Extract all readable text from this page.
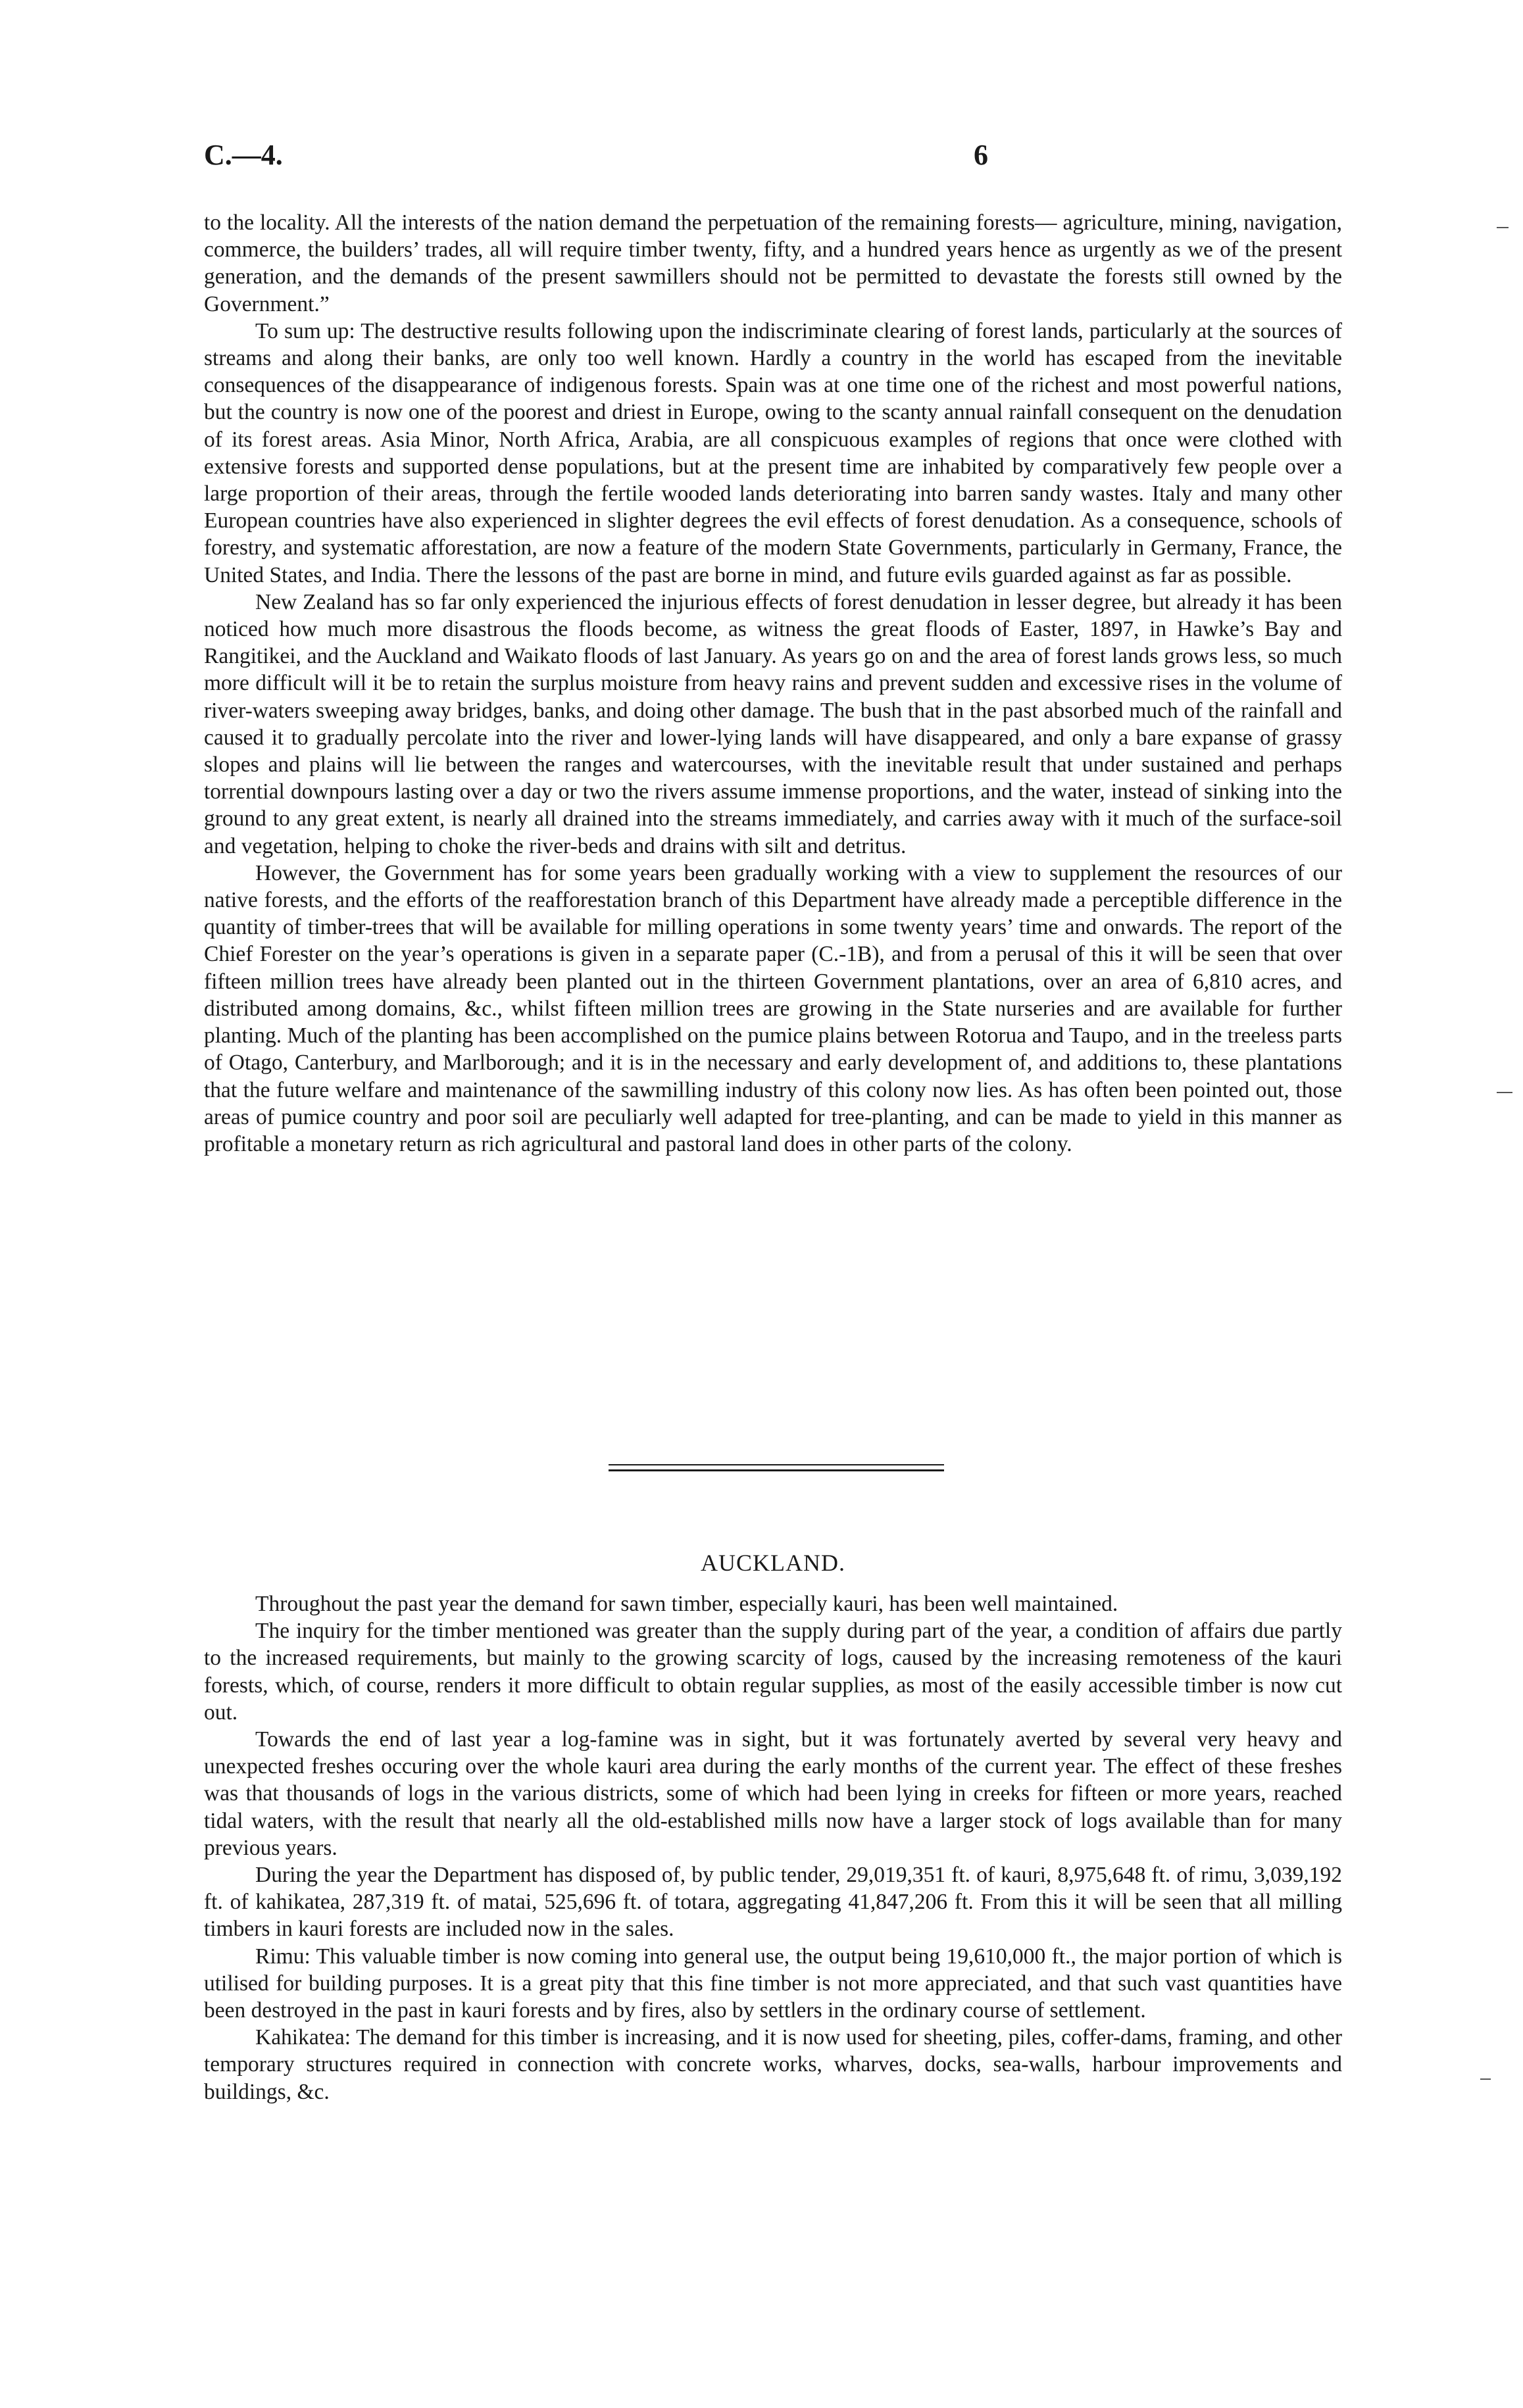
C.—4.	6

to the locality. All the interests of the nation demand the perpetuation of the remaining forests— agriculture, mining, navigation, commerce, the builders’ trades, all will require timber twenty, fifty, and a hundred years hence as urgently as we of the present generation, and the demands of the present sawmillers should not be permitted to devastate the forests still owned by the Government.”

To sum up: The destructive results following upon the indiscriminate clearing of forest lands, particularly at the sources of streams and along their banks, are only too well known. Hardly a country in the world has escaped from the inevitable consequences of the disappearance of indigenous forests. Spain was at one time one of the richest and most powerful nations, but the country is now one of the poorest and driest in Europe, owing to the scanty annual rainfall consequent on the denudation of its forest areas. Asia Minor, North Africa, Arabia, are all conspicuous examples of regions that once were clothed with extensive forests and supported dense populations, but at the present time are inhabited by comparatively few people over a large proportion of their areas, through the fertile wooded lands deteriorating into barren sandy wastes. Italy and many other European countries have also experienced in slighter degrees the evil effects of forest denudation. As a consequence, schools of forestry, and systematic afforestation, are now a feature of the modern State Governments, particularly in Germany, France, the United States, and India. There the lessons of the past are borne in mind, and future evils guarded against as far as possible.

New Zealand has so far only experienced the injurious effects of forest denudation in lesser degree, but already it has been noticed how much more disastrous the floods become, as witness the great floods of Easter, 1897, in Hawke’s Bay and Rangitikei, and the Auckland and Waikato floods of last January. As years go on and the area of forest lands grows less, so much more difficult will it be to retain the surplus moisture from heavy rains and prevent sudden and excessive rises in the volume of river-waters sweeping away bridges, banks, and doing other damage. The bush that in the past absorbed much of the rainfall and caused it to gradually percolate into the river and lower-lying lands will have disappeared, and only a bare expanse of grassy slopes and plains will lie between the ranges and watercourses, with the inevitable result that under sustained and perhaps torrential downpours lasting over a day or two the rivers assume immense proportions, and the water, instead of sinking into the ground to any great extent, is nearly all drained into the streams immediately, and carries away with it much of the surface-soil and vegetation, helping to choke the river-beds and drains with silt and detritus.

However, the Government has for some years been gradually working with a view to supplement the resources of our native forests, and the efforts of the reafforestation branch of this Department have already made a perceptible difference in the quantity of timber-trees that will be available for milling operations in some twenty years’ time and onwards. The report of the Chief Forester on the year’s operations is given in a separate paper (C.-1B), and from a perusal of this it will be seen that over fifteen million trees have already been planted out in the thirteen Government plantations, over an area of 6,810 acres, and distributed among domains, &c., whilst fifteen million trees are growing in the State nurseries and are available for further planting. Much of the planting has been accomplished on the pumice plains between Rotorua and Taupo, and in the treeless parts of Otago, Canterbury, and Marlborough; and it is in the necessary and early development of, and additions to, these plantations that the future welfare and maintenance of the sawmilling industry of this colony now lies. As has often been pointed out, those areas of pumice country and poor soil are peculiarly well adapted for tree-planting, and can be made to yield in this manner as profitable a monetary return as rich agricultural and pastoral land does in other parts of the colony.

AUCKLAND.

Throughout the past year the demand for sawn timber, especially kauri, has been well maintained.

The inquiry for the timber mentioned was greater than the supply during part of the year, a condition of affairs due partly to the increased requirements, but mainly to the growing scarcity of logs, caused by the increasing remoteness of the kauri forests, which, of course, renders it more difficult to obtain regular supplies, as most of the easily accessible timber is now cut out.

Towards the end of last year a log-famine was in sight, but it was fortunately averted by several very heavy and unexpected freshes occuring over the whole kauri area during the early months of the current year. The effect of these freshes was that thousands of logs in the various districts, some of which had been lying in creeks for fifteen or more years, reached tidal waters, with the result that nearly all the old-established mills now have a larger stock of logs available than for many previous years.

During the year the Department has disposed of, by public tender, 29,019,351 ft. of kauri, 8,975,648 ft. of rimu, 3,039,192 ft. of kahikatea, 287,319 ft. of matai, 525,696 ft. of totara, aggregating 41,847,206 ft. From this it will be seen that all milling timbers in kauri forests are included now in the sales.

Rimu: This valuable timber is now coming into general use, the output being 19,610,000 ft., the major portion of which is utilised for building purposes. It is a great pity that this fine timber is not more appreciated, and that such vast quantities have been destroyed in the past in kauri forests and by fires, also by settlers in the ordinary course of settlement.

Kahikatea: The demand for this timber is increasing, and it is now used for sheeting, piles, coffer-dams, framing, and other temporary structures required in connection with concrete works, wharves, docks, sea-walls, harbour improvements and buildings, &c.
